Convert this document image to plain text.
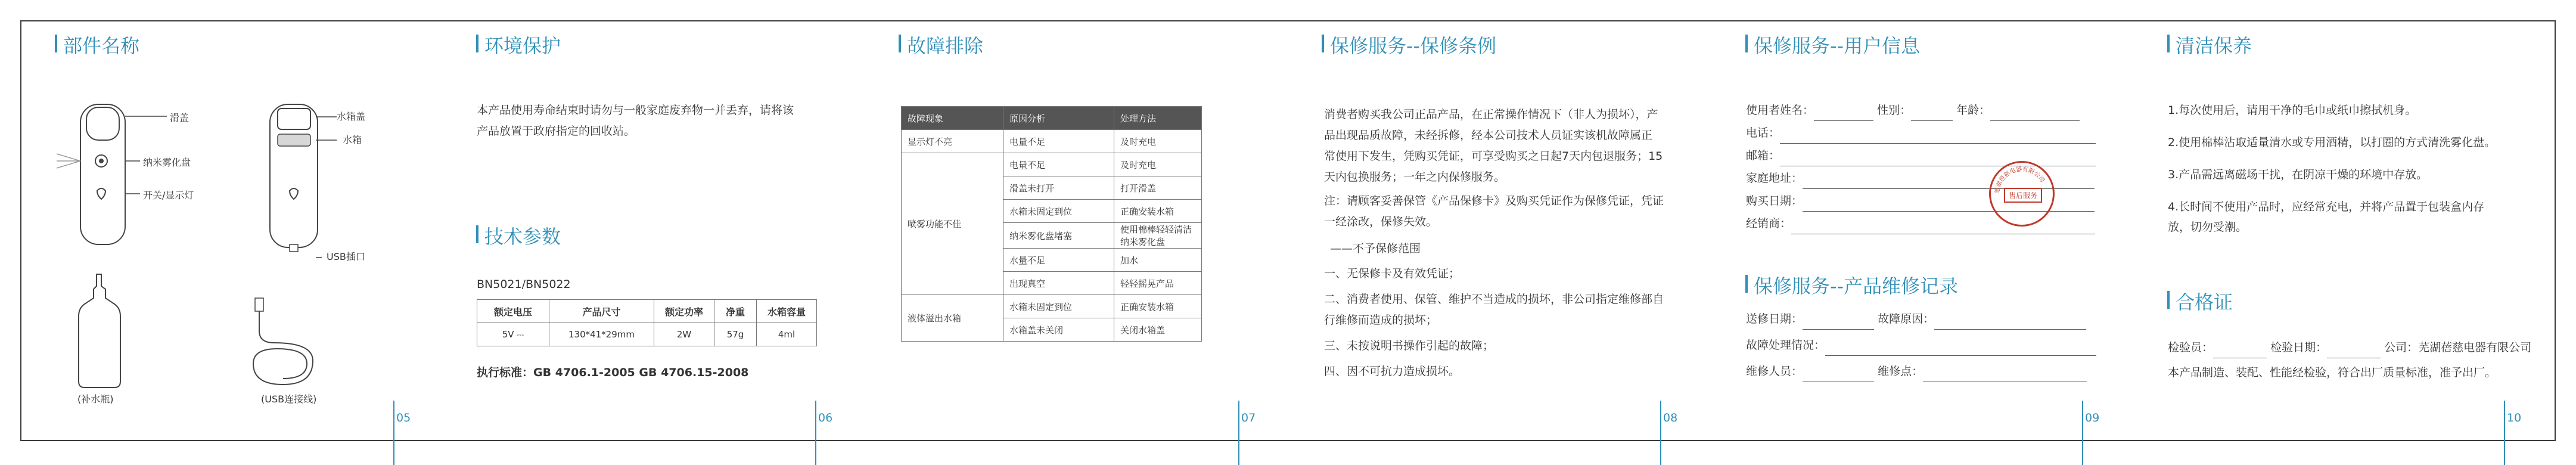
部件名称
滑盖
纳米雾化盘
开关/显示灯
水箱盖
水箱
USB插口
(补水瓶)	(USB连接线)
05
环境保护
本产品使用寿命结束时请勿与一般家庭废弃物一并丢弃，请将该
产品放置于政府指定的回收站。
技术参数
BN5021/BN5022
额定电压	产品尺寸	额定功率	净重	水箱容量
5V ⎓	130*41*29mm	2W	57g	4ml
执行标准：GB 4706.1-2005 GB 4706.15-2008
06
故障排除
故障现象	原因分析	处理方法
显示灯不亮	电量不足	及时充电
喷雾功能不佳	电量不足	及时充电
	滑盖未打开	打开滑盖
	水箱未固定到位	正确安装水箱
	纳米雾化盘堵塞	使用棉棒轻轻清洁纳米雾化盘
	水量不足	加水
	出现真空	轻轻摇晃产品
液体溢出水箱	水箱未固定到位	正确安装水箱
	水箱盖未关闭	关闭水箱盖
07
保修服务--保修条例
消费者购买我公司正品产品，在正常操作情况下（非人为损坏），产
品出现品质故障，未经拆修，经本公司技术人员证实该机故障属正
常使用下发生，凭购买凭证，可享受购买之日起7天内包退服务；15
天内包换服务；一年之内保修服务。
注：请顾客妥善保管《产品保修卡》及购买凭证作为保修凭证，凭证
一经涂改，保修失效。
——不予保修范围
一、无保修卡及有效凭证；
二、消费者使用、保管、维护不当造成的损坏，非公司指定维修部自
行维修而造成的损坏；
三、未按说明书操作引起的故障；
四、因不可抗力造成损坏。
08
保修服务--用户信息
使用者姓名：	性别：	年龄：
电话：
邮箱：
家庭地址：
购买日期：
经销商：
笔湖芭慈电器有限公司
售后服务
保修服务--产品维修记录
送修日期：	故障原因：
故障处理情况：
维修人员：	维修点：
09
清洁保养
1.每次使用后，请用干净的毛巾或纸巾擦拭机身。
2.使用棉棒沾取适量清水或专用酒精，以打圈的方式清洗雾化盘。
3.产品需远离磁场干扰，在阴凉干燥的环境中存放。
4.长时间不使用产品时，应经常充电，并将产品置于包装盒内存
放，切勿受潮。
合格证
检验员：	检验日期：	公司：芜湖蓓慈电器有限公司
本产品制造、装配、性能经检验，符合出厂质量标准，准予出厂。
10
